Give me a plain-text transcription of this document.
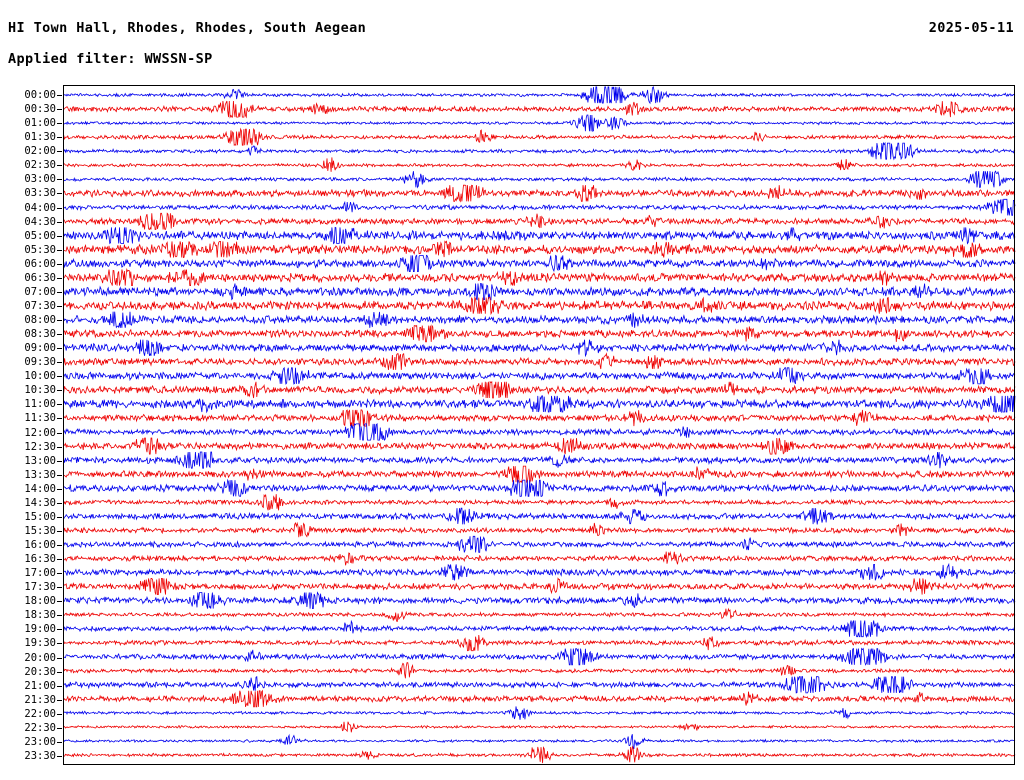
HI Town Hall, Rhodes, Rhodes, South Aegean	2025-05-11
Applied filter: WWSSN-SP
00:00
00:30
01:00
01:30
02:00
02:30
03:00
03:30
04:00
04:30
05:00
05:30
06:00
06:30
07:00
07:30
08:00
08:30
09:00
09:30
10:00
10:30
11:00
11:30
12:00
12:30
13:00
13:30
14:00
14:30
15:00
15:30
16:00
16:30
17:00
17:30
18:00
18:30
19:00
19:30
20:00
20:30
21:00
21:30
22:00
22:30
23:00
23:30
